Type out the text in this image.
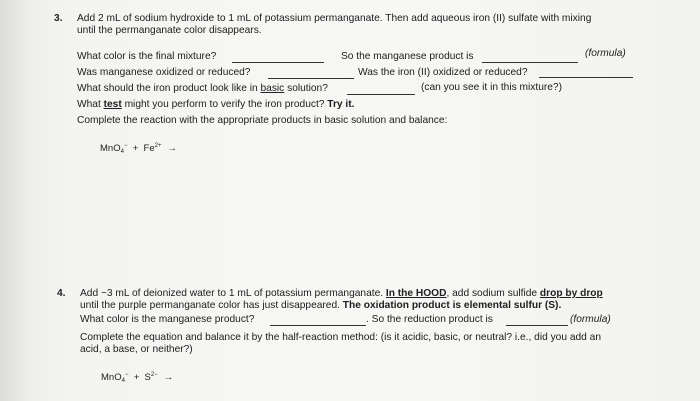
3. Add 2 mL of sodium hydroxide to 1 mL of potassium permanganate. Then add aqueous iron (II) sulfate with mixing
until the permanganate color disappears.
What color is the final mixture?	So the manganese product is	(formula)
Was manganese oxidized or reduced?	Was the iron (II) oxidized or reduced?
What should the iron product look like in basic solution?	(can you see it in this mixture?)
What test might you perform to verify the iron product? Try it.
Complete the reaction with the appropriate products in basic solution and balance:
$MnO_4^- + Fe^{2+}$ →
4. Add ~3 mL of deionized water to 1 mL of potassium permanganate. In the HOOD, add sodium sulfide drop by drop
until the purple permanganate color has just disappeared. The oxidation product is elemental sulfur (S).
What color is the manganese product?	. So the reduction product is	(formula)
Complete the equation and balance it by the half-reaction method: (is it acidic, basic, or neutral? i.e., did you add an
acid, a base, or neither?)
$MnO_4^- + S^{2-}$ →
